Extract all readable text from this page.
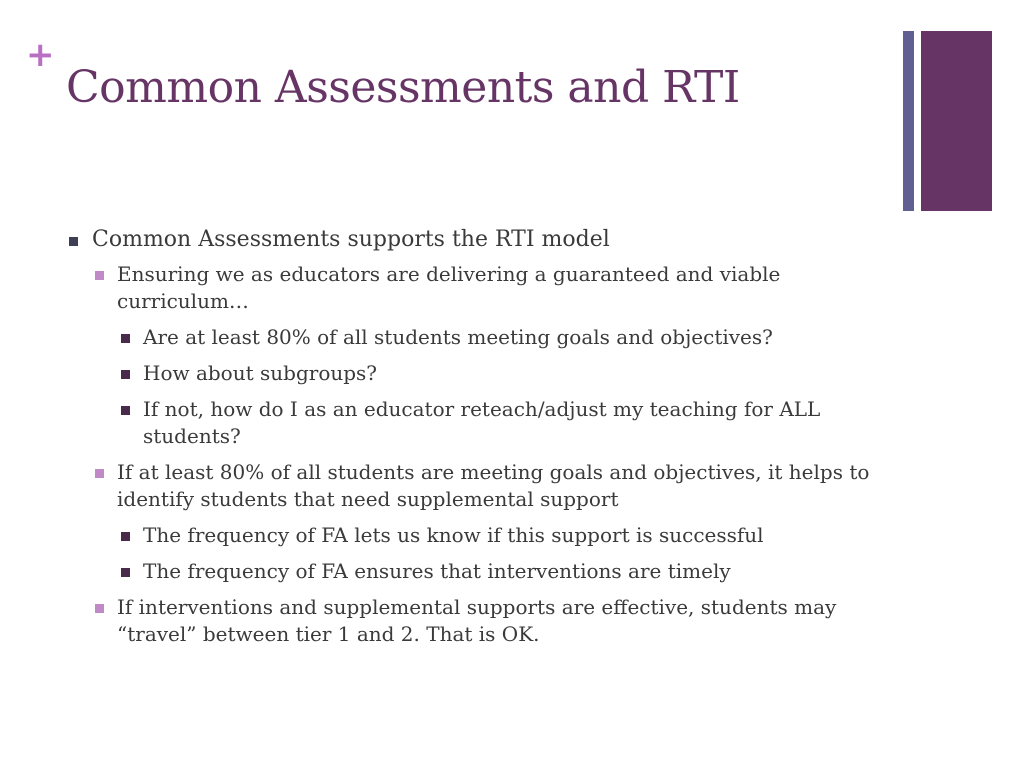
+
Common Assessments and RTI
Common Assessments supports the RTI model
Ensuring we as educators are delivering a guaranteed and viable curriculum…
Are at least 80% of all students meeting goals and objectives?
How about subgroups?
If not, how do I as an educator reteach/adjust my teaching for ALL students?
If at least 80% of all students are meeting goals and objectives, it helps to identify students that need supplemental support
The frequency of FA lets us know if this support is successful
The frequency of FA ensures that interventions are timely
If interventions and supplemental supports are effective, students may “travel” between tier 1 and 2. That is OK.
